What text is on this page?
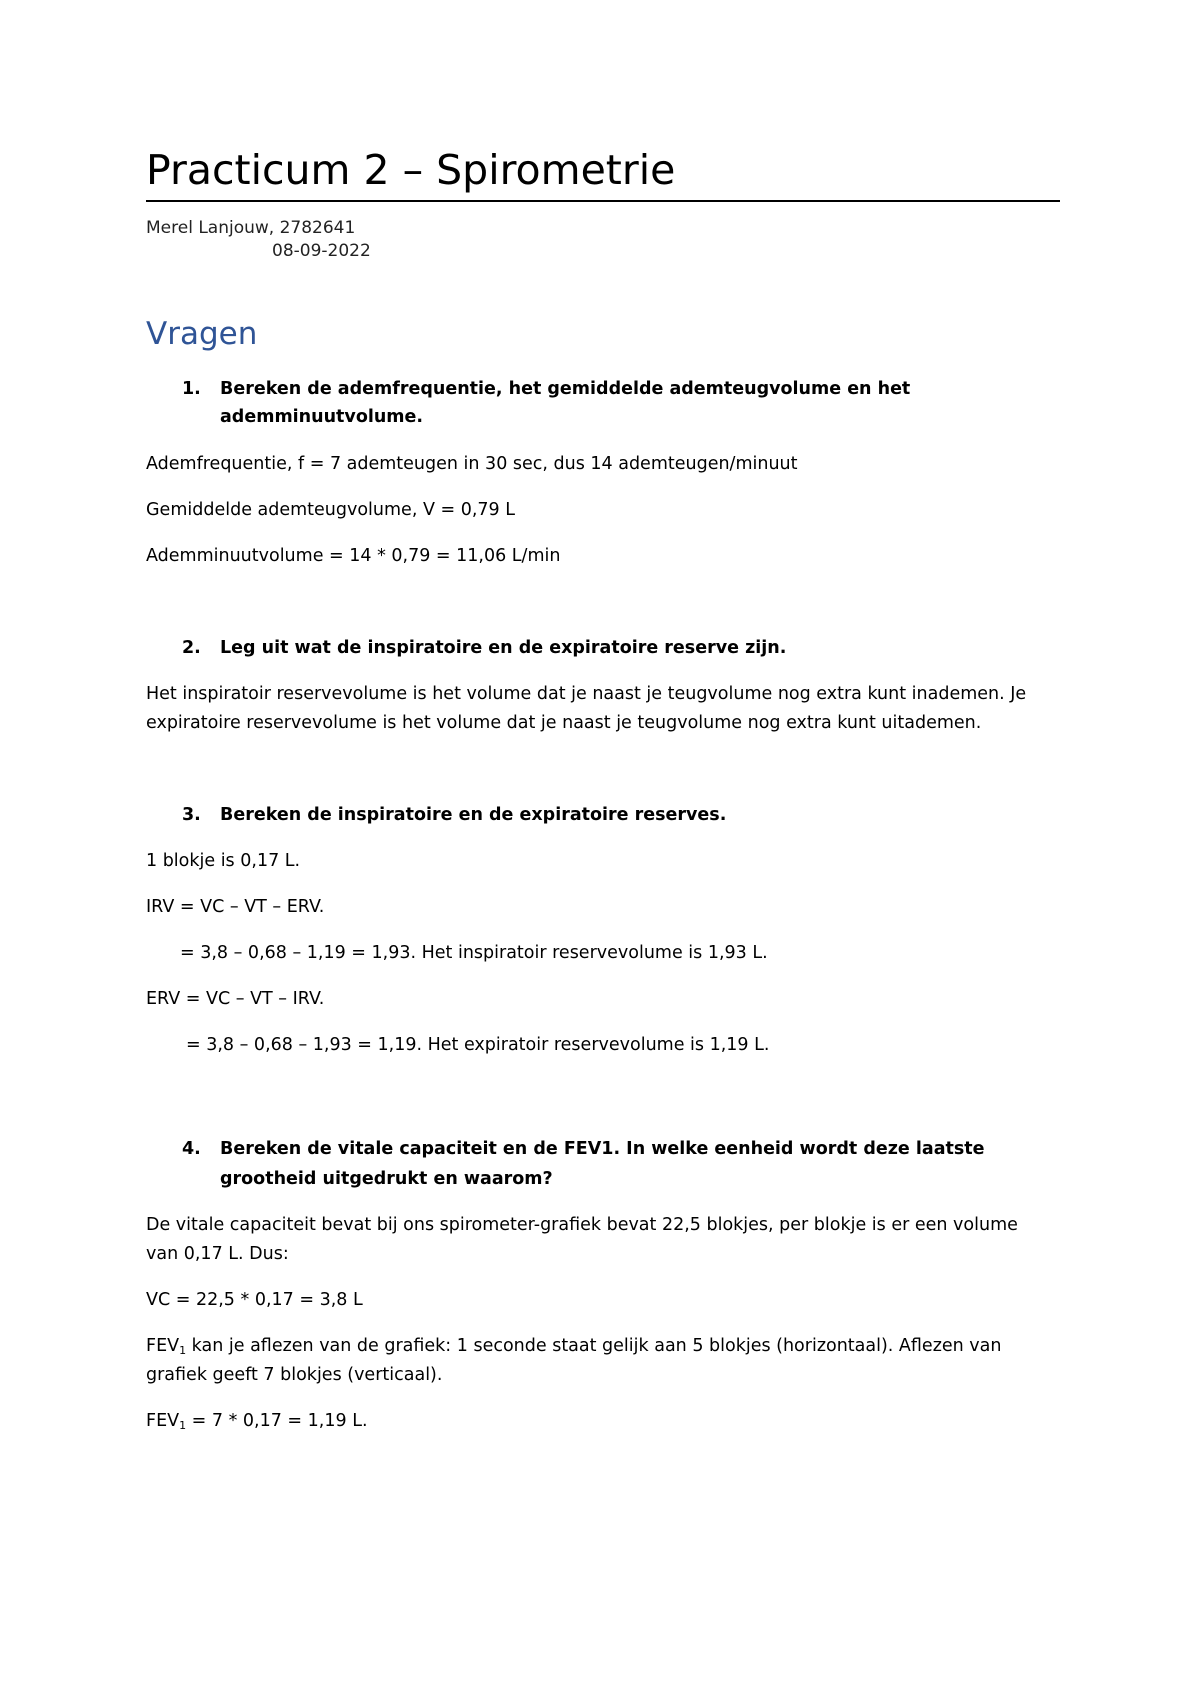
Practicum 2 – Spirometrie
Merel Lanjouw, 2782641
08-09-2022
Vragen
1. Bereken de ademfrequentie, het gemiddelde ademteugvolume en het
ademminuutvolume.
Ademfrequentie, f = 7 ademteugen in 30 sec, dus 14 ademteugen/minuut
Gemiddelde ademteugvolume, V = 0,79 L
Ademminuutvolume = 14 * 0,79 = 11,06 L/min
2. Leg uit wat de inspiratoire en de expiratoire reserve zijn.
Het inspiratoir reservevolume is het volume dat je naast je teugvolume nog extra kunt inademen. Je
expiratoire reservevolume is het volume dat je naast je teugvolume nog extra kunt uitademen.
3. Bereken de inspiratoire en de expiratoire reserves.
1 blokje is 0,17 L.
IRV = VC – VT – ERV.
= 3,8 – 0,68 – 1,19 = 1,93. Het inspiratoir reservevolume is 1,93 L.
ERV = VC – VT – IRV.
= 3,8 – 0,68 – 1,93 = 1,19. Het expiratoir reservevolume is 1,19 L.
4. Bereken de vitale capaciteit en de FEV1. In welke eenheid wordt deze laatste
grootheid uitgedrukt en waarom?
De vitale capaciteit bevat bij ons spirometer-grafiek bevat 22,5 blokjes, per blokje is er een volume
van 0,17 L. Dus:
VC = 22,5 * 0,17 = 3,8 L
$FEV_1$ kan je aflezen van de grafiek: 1 seconde staat gelijk aan 5 blokjes (horizontaal). Aflezen van
grafiek geeft 7 blokjes (verticaal).
$FEV_1 = 7 * 0,17 = 1,19$ L.
